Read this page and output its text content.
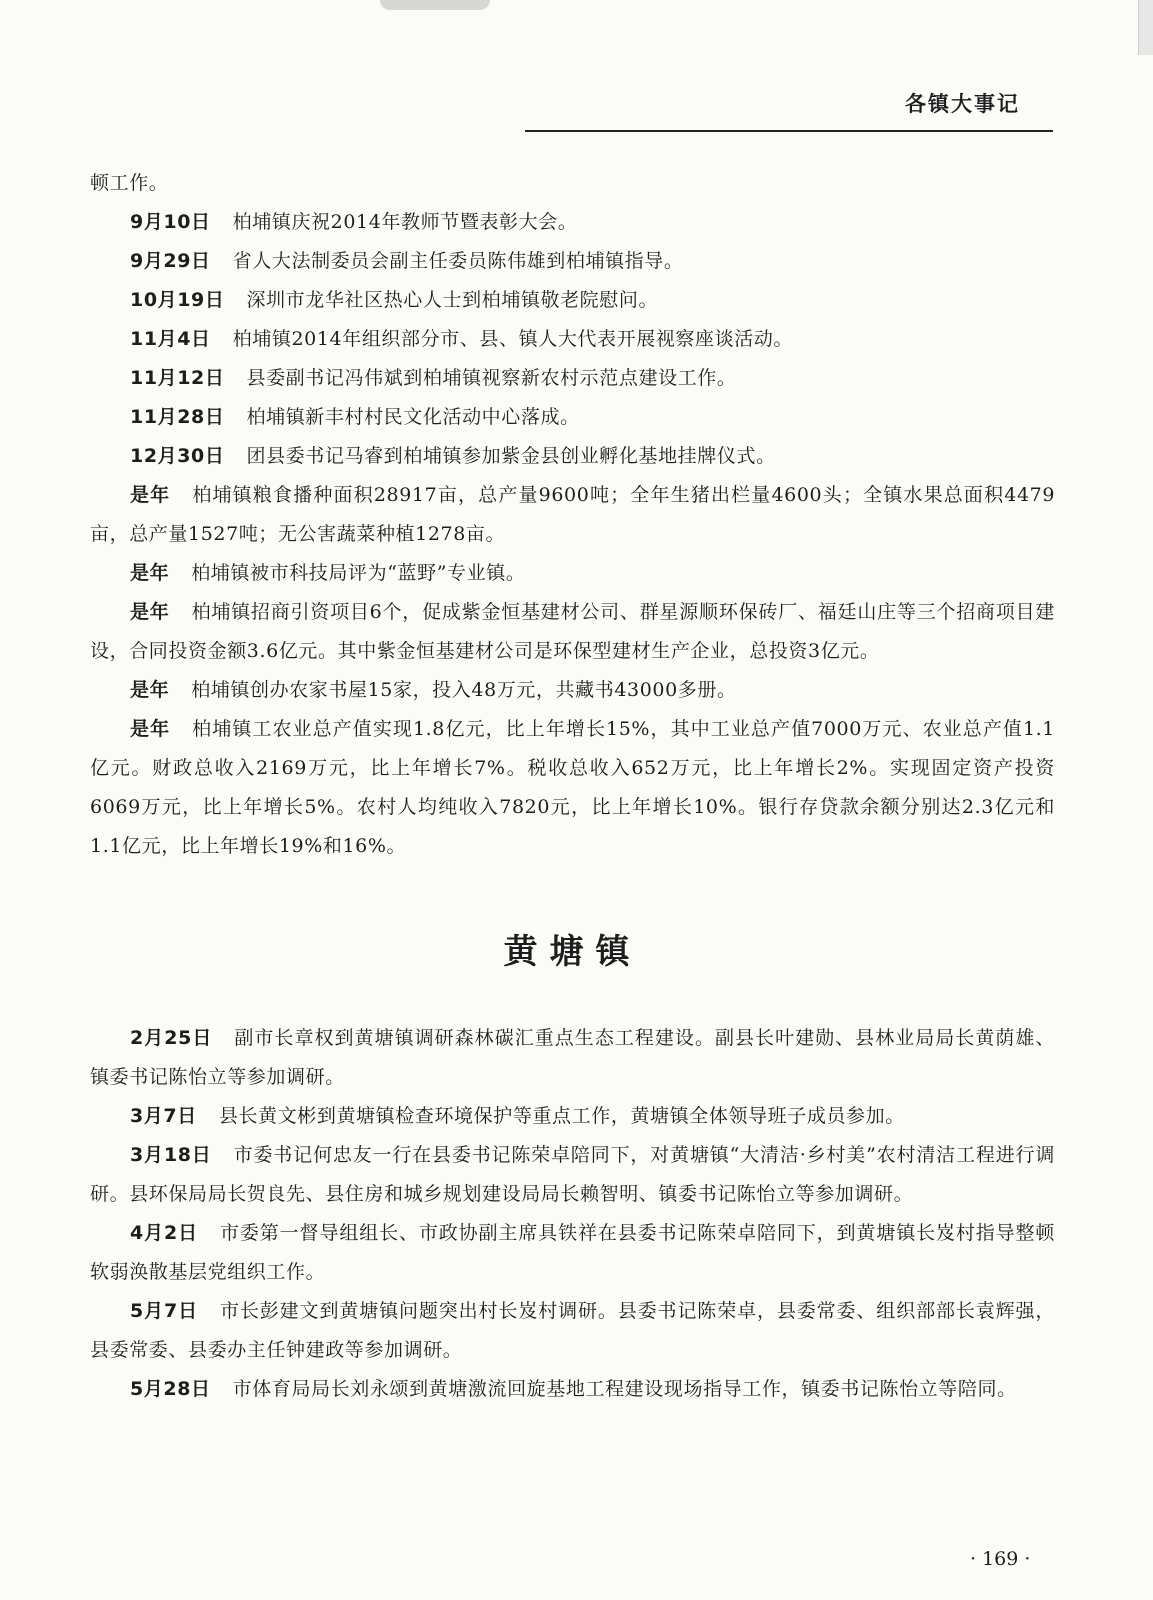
各镇大事记

顿工作。

9月10日 柏埔镇庆祝2014年教师节暨表彰大会。

9月29日 省人大法制委员会副主任委员陈伟雄到柏埔镇指导。

10月19日 深圳市龙华社区热心人士到柏埔镇敬老院慰问。

11月4日 柏埔镇2014年组织部分市、县、镇人大代表开展视察座谈活动。

11月12日 县委副书记冯伟斌到柏埔镇视察新农村示范点建设工作。

11月28日 柏埔镇新丰村村民文化活动中心落成。

12月30日 团县委书记马睿到柏埔镇参加紫金县创业孵化基地挂牌仪式。

是年 柏埔镇粮食播种面积28917亩，总产量9600吨；全年生猪出栏量4600头；全镇水果总面积4479亩，总产量1527吨；无公害蔬菜种植1278亩。

是年 柏埔镇被市科技局评为“蓝野”专业镇。

是年 柏埔镇招商引资项目6个，促成紫金恒基建材公司、群星源顺环保砖厂、福廷山庄等三个招商项目建设，合同投资金额3.6亿元。其中紫金恒基建材公司是环保型建材生产企业，总投资3亿元。

是年 柏埔镇创办农家书屋15家，投入48万元，共藏书43000多册。

是年 柏埔镇工农业总产值实现1.8亿元，比上年增长15%，其中工业总产值7000万元、农业总产值1.1亿元。财政总收入2169万元，比上年增长7%。税收总收入652万元，比上年增长2%。实现固定资产投资6069万元，比上年增长5%。农村人均纯收入7820元，比上年增长10%。银行存贷款余额分别达2.3亿元和1.1亿元，比上年增长19%和16%。

黄塘镇

2月25日 副市长章权到黄塘镇调研森林碳汇重点生态工程建设。副县长叶建勋、县林业局局长黄荫雄、镇委书记陈怡立等参加调研。

3月7日 县长黄文彬到黄塘镇检查环境保护等重点工作，黄塘镇全体领导班子成员参加。

3月18日 市委书记何忠友一行在县委书记陈荣卓陪同下，对黄塘镇“大清洁·乡村美”农村清洁工程进行调研。县环保局局长贺良先、县住房和城乡规划建设局局长赖智明、镇委书记陈怡立等参加调研。

4月2日 市委第一督导组组长、市政协副主席具铁祥在县委书记陈荣卓陪同下，到黄塘镇长岌村指导整顿软弱涣散基层党组织工作。

5月7日 市长彭建文到黄塘镇问题突出村长岌村调研。县委书记陈荣卓，县委常委、组织部部长袁辉强，县委常委、县委办主任钟建政等参加调研。

5月28日 市体育局局长刘永颂到黄塘激流回旋基地工程建设现场指导工作，镇委书记陈怡立等陪同。

· 169 ·
